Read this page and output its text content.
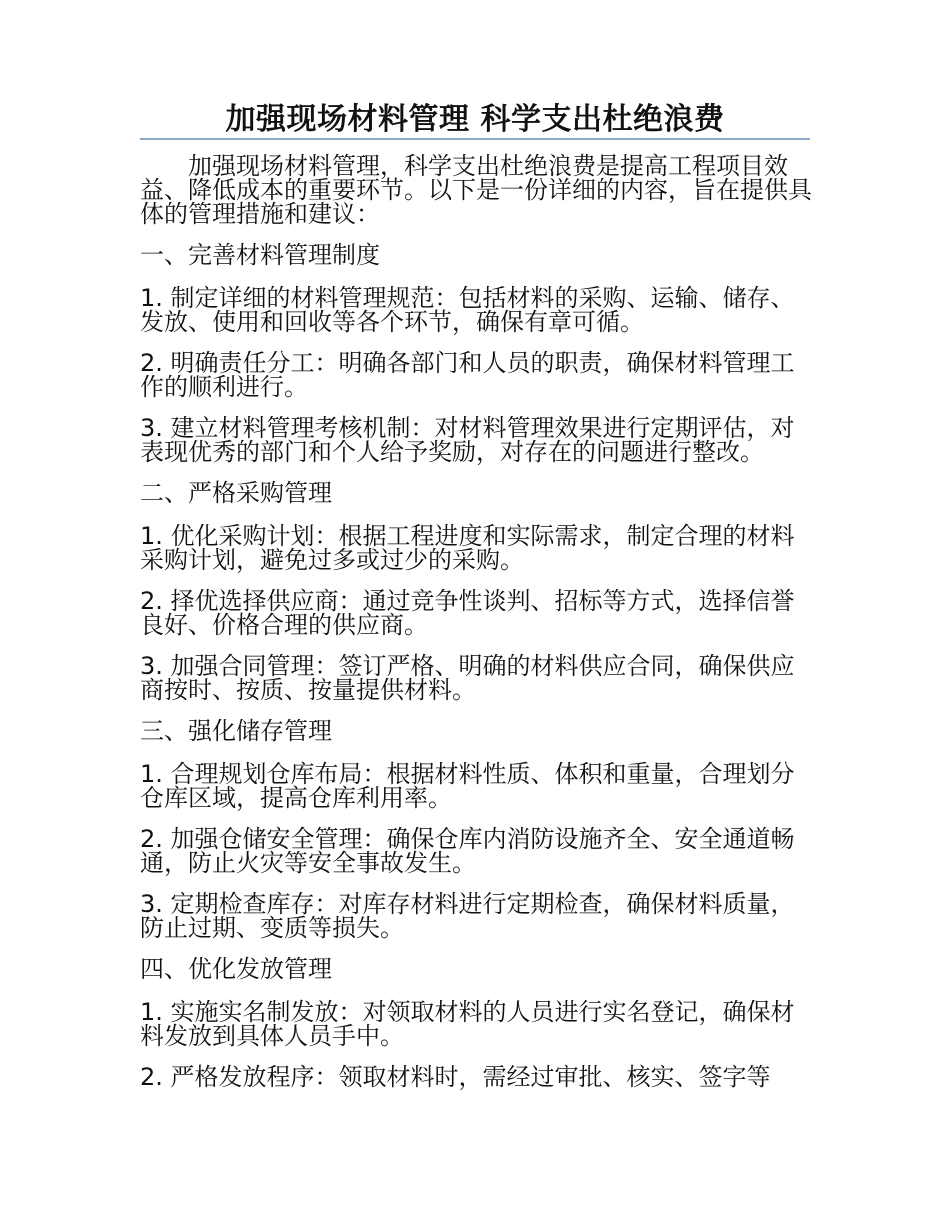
加强现场材料管理 科学支出杜绝浪费

加强现场材料管理，科学支出杜绝浪费是提高工程项目效益、降低成本的重要环节。以下是一份详细的内容，旨在提供具体的管理措施和建议：

一、完善材料管理制度

1. 制定详细的材料管理规范：包括材料的采购、运输、储存、发放、使用和回收等各个环节，确保有章可循。

2. 明确责任分工：明确各部门和人员的职责，确保材料管理工作的顺利进行。

3. 建立材料管理考核机制：对材料管理效果进行定期评估，对表现优秀的部门和个人给予奖励，对存在的问题进行整改。

二、严格采购管理

1. 优化采购计划：根据工程进度和实际需求，制定合理的材料采购计划，避免过多或过少的采购。

2. 择优选择供应商：通过竞争性谈判、招标等方式，选择信誉良好、价格合理的供应商。

3. 加强合同管理：签订严格、明确的材料供应合同，确保供应商按时、按质、按量提供材料。

三、强化储存管理

1. 合理规划仓库布局：根据材料性质、体积和重量，合理划分仓库区域，提高仓库利用率。

2. 加强仓储安全管理：确保仓库内消防设施齐全、安全通道畅通，防止火灾等安全事故发生。

3. 定期检查库存：对库存材料进行定期检查，确保材料质量，防止过期、变质等损失。

四、优化发放管理

1. 实施实名制发放：对领取材料的人员进行实名登记，确保材料发放到具体人员手中。

2. 严格发放程序：领取材料时，需经过审批、核实、签字等
